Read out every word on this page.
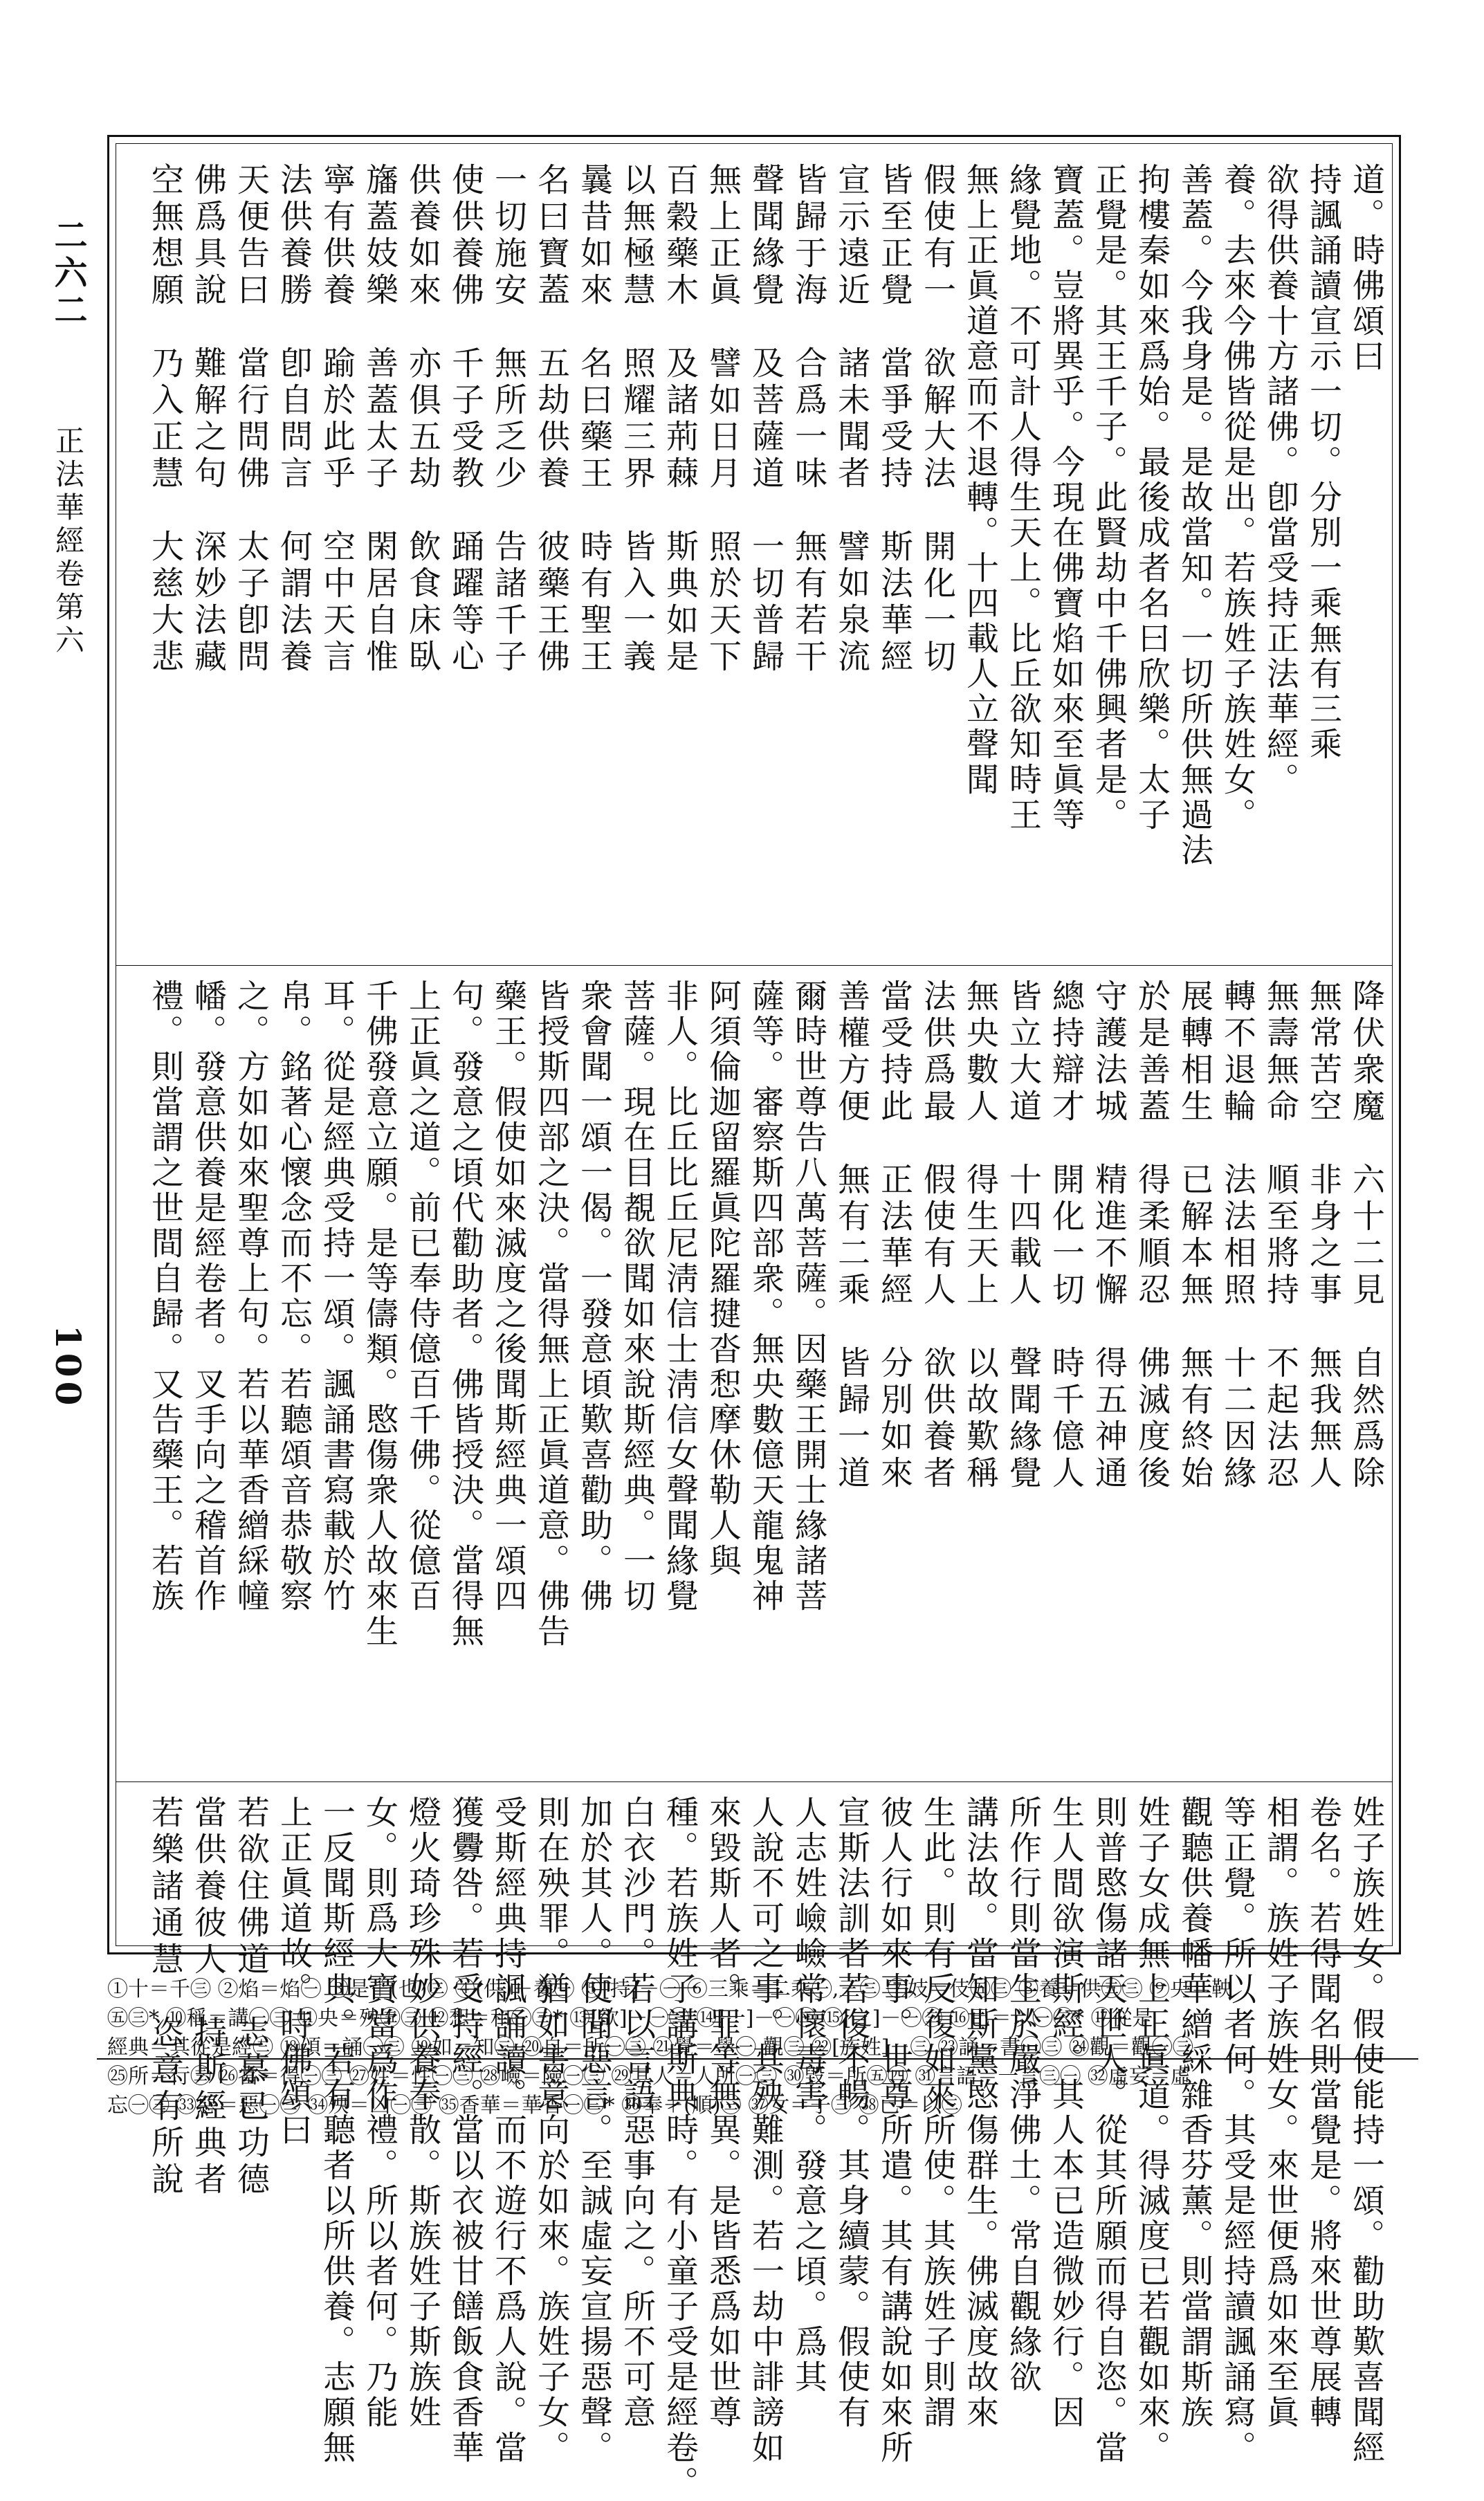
二六二
正法華經卷第六
100
道。時佛頌曰
持諷誦讀宣示一切。分別一乘無有三乘
欲得供養十方諸佛。卽當受持正法華經。
養。去來今佛皆從是出。若族姓子族姓女。
善蓋。今我身是。是故當知。一切所供無過法
拘樓秦如來爲始。最後成者名曰欣樂。太子
正覺是。其王千子。此賢劫中千佛興者是。
寶蓋。豈將異乎。今現在佛寶焰如來至眞等
緣覺地。不可計人得生天上。比丘欲知時王
無上正眞道意而不退轉。十四載人立聲聞
假使有一　欲解大法　開化一切
皆至正覺　當爭受持　斯法華經
宣示遠近　諸未聞者　譬如泉流
皆歸于海　合爲一味　無有若干
聲聞緣覺　及菩薩道　一切普歸
無上正眞　譬如日月　照於天下
百穀藥木　及諸荊蕀　斯典如是
以無極慧　照耀三界　皆入一義
曩昔如來　名曰藥王　時有聖王
名曰寶蓋　五劫供養　彼藥王佛
一切施安　無所乏少　告諸千子
使供養佛　千子受教　踊躍等心
供養如來　亦俱五劫　飲食床臥
旛蓋妓樂　善蓋太子　閑居自惟
寧有供養　踰於此乎　空中天言
法供養勝　卽自問言　何謂法養
天便告曰　當行問佛　太子卽問
佛爲具說　難解之句　深妙法藏
空無想願　乃入正慧　大慈大悲
降伏衆魔　六十二見　自然爲除
無常苦空　非身之事　無我無人
無壽無命　順至將持　不起法忍
轉不退輪　法法相照　十二因緣
展轉相生　已解本無　無有終始
於是善蓋　得柔順忍　佛滅度後
守護法城　精進不懈　得五神通
總持辯才　開化一切　時千億人
皆立大道　十四載人　聲聞緣覺
無央數人　得生天上　以故歎稱
法供爲最　假使有人　欲供養者
當受持此　正法華經　分別如來
善權方便　無有二乘　皆歸一道
爾時世尊告八萬菩薩。因藥王開士緣諸菩
薩等。審察斯四部衆。無央數億天龍鬼神
阿須倫迦留羅眞陀羅揵沓惒摩休勒人與
非人。比丘比丘尼淸信士淸信女聲聞緣覺
菩薩。現在目覩欲聞如來說斯經典。一切
衆會聞一頌一偈。一發意頃歎喜勸助。佛
皆授斯四部之決。當得無上正眞道意。佛告
藥王。假使如來滅度之後聞斯經典一頌四
句。發意之頃代勸助者。佛皆授決。當得無
上正眞之道。前已奉侍億百千佛。從億百
千佛發意立願。是等儔類。愍傷衆人故來生
耳。從是經典受持一頌。諷誦書寫載於竹
帛。銘著心懷念而不忘。若聽頌音恭敬察
之。方如如來聖尊上句。若以華香繒綵幢
幡。發意供養是經卷者。叉手向之稽首作
禮。則當謂之世間自歸。又告藥王。若族
姓子族姓女。假使能持一頌。勸助歎喜聞經
卷名。若得聞名則當覺是。將來世尊展轉
相謂。族姓子族姓女。來世便爲如來至眞
等正覺。所以者何。其受是經持讀諷誦寫。
觀聽供養幡華繒綵雜香芬薰。則當謂斯族
姓子女成無上正眞道。得滅度已若觀如來。
則普愍傷諸天世人。從其所願而得自恣。當
生人間欲演斯經。其人本已造微妙行。因
所作行則當生於嚴淨佛土。常自觀緣欲
講法故。當知斯黨愍傷群生。佛滅度故來
生此。則有反復如來所使。其族姓子則謂
彼人行如來事。世尊所遣。其有講說如來所
宣斯法訓者若復不暢。其身續蒙。假使有
人志姓嶮嶮常懷毒害。發意之頃。爲其
人說不可之事。其殃難測。若一劫中誹謗如
來毀斯人者。罪等無異。是皆悉爲如世尊
種。若族姓子講斯典時。有小童子受是經卷。
白衣沙門。若以言語惡事向之。所不可意
加於其人。使聞惡言。至誠虛妄宣揚惡聲。
則在殃罪。猶如害意向於如來。族姓子女。
受斯經典持諷誦讀。而不遊行不爲人說。當
獲釁咎。若受持經。當以衣被甘饍飯食香華
燈火琦珍殊妙供養奉散。斯族姓子斯族姓
女。則爲大寶當爲作禮。所以者何。乃能
一反聞斯經典。若有聽者以所供養。志願無
上正眞道故。時佛頌曰
若欲住佛道　志慕已功德
當供養彼人　持斯經典者
若樂諸通慧　恣意有所說

①十＝千㊂ ②焰＝焰㊀ ③是＋(也)㊂ ④(供)＋養㊀ ⑤[持]－㊀ ⑥三乘＝二乘㊀,三㊂ ⑦妓＝伎㊄㊂ ⑧養＝供㊄㊂ ⑨央＝鞅

㊄㊂* ⑩稱＝講㊀㊂ ⑪央＝殃㊄㊂ ⑫惒＝和㊀㊂* ⑬[欲]－㊀㊂ ⑭[一]－㊀㊂ ⑮[之]－㊀㊂ ⑯已＝以㊀㊂* ⑰從是

經典＝其從是經㊂ ⑱頌＝誦㊀㊂ ⑲如＝知㊂ ⑳自＝所㊀㊂ ㉑覺＝學㊀,觀㊂ ㉒[族姓]－㊂ ㉓誦＝書㊀㊂ ㉔觀＝觀㊀㊂

㉕所＝行㊂ ㉖當＝得㊀㊂ ㉗姓＝性㊀㊂ ㉘嶮＝險㊀㊂ ㉙其人＝人所㊀㊂ ㉚毀＝所㊄㊃ ㉛言語＝一言㊂㊀ ㉜虛妄＝虛

忘㊀㊂ ㉝惡＝惡㊀㊂ ㉞殃＝凶㊀㊂ ㉟香華＝華香㊀㊂* ㊱奉＋(順)㊂ ㊲女＝子㊂ ㊳已＝以㊂
